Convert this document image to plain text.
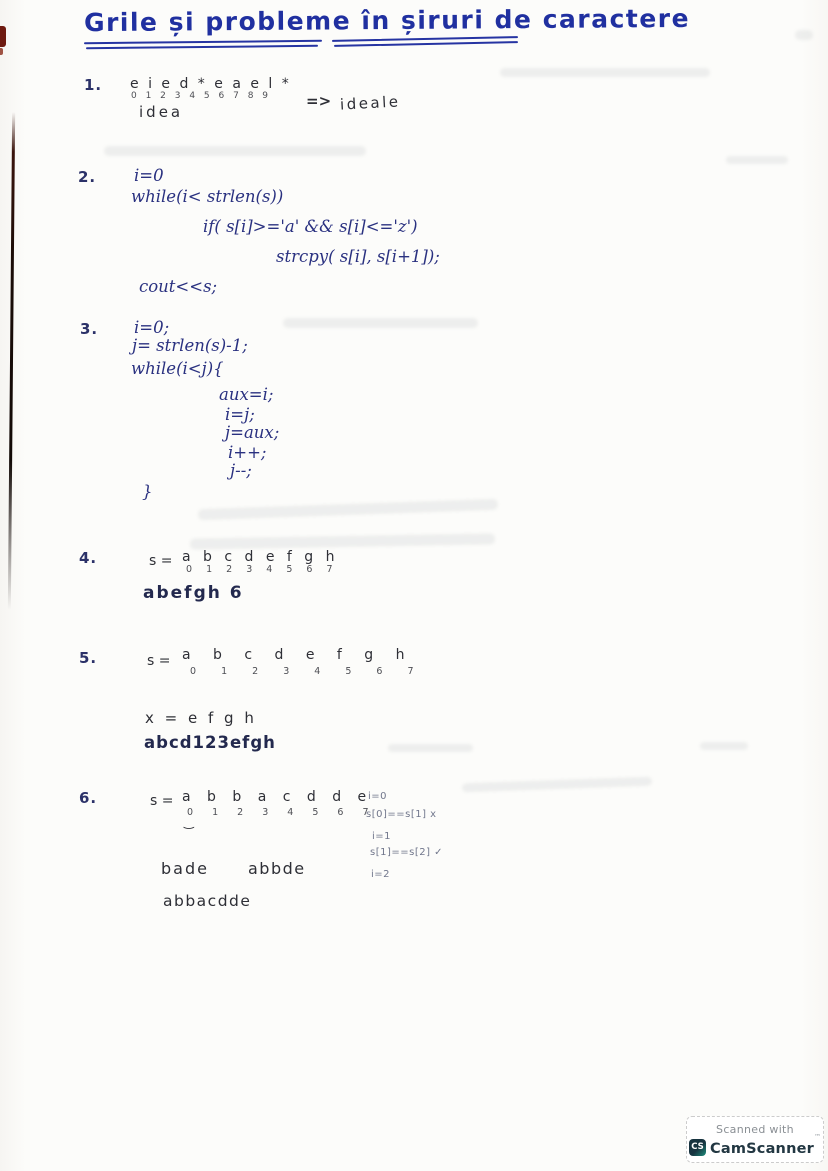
Grile și probleme în șiruri de caractere
1. e i e d * e a e l *
0 1 2 3 4 5 6 7 8 9
idea
=> ideale
2. i=0
while(i< strlen(s))
if( s[i]>='a' && s[i]<='z')
strcpy( s[i], s[i+1]);
cout<<s;
3. i=0;
j= strlen(s)-1;
while(i<j){
aux=i;
i=j;
j=aux;
i++;
j--;
}
4.	s = a b c d e f g h
0 1 2 3 4 5 6 7
abefgh 6
5.	s = a b c d e f g h
0 1 2 3 4 5 6 7
x = e f g h
abcd123efgh
6.	s = a b b a c d d e
0 1 2 3 4 5 6 7
‿
bade abbde
abbacdde
i=0
s[0]==s[1] x
i=1
s[1]==s[2] ✓
i=2
Scanned with
CS CamScanner™
